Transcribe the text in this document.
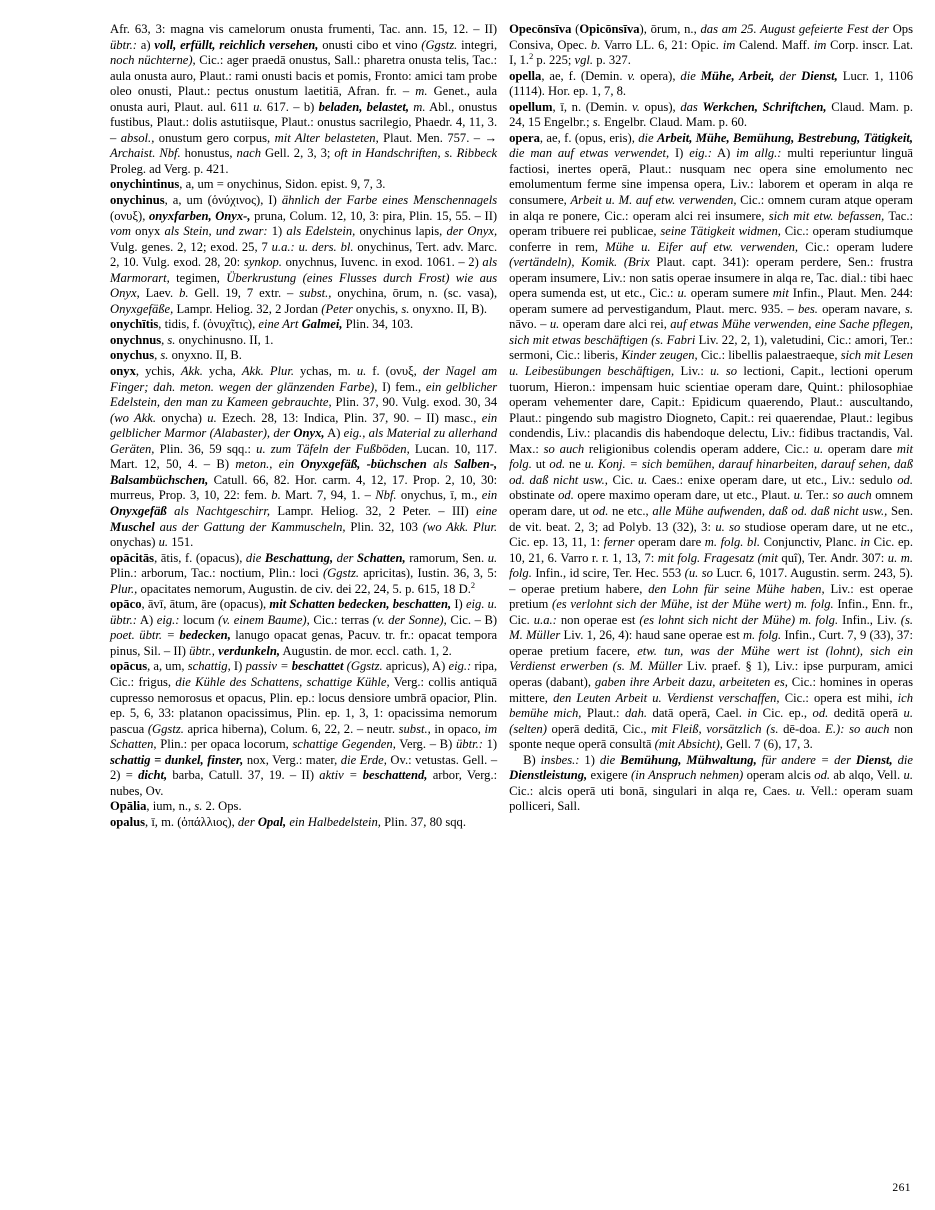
Afr. 63, 3: magna vis camelorum onusta frumenti, Tac. ann. 15, 12. – II) übtr.: a) voll, erfüllt, reichlich versehen, onusti cibo et vino (Ggstz. integri, noch nüchterne), Cic.: ager praedā onustus, Sall.: pharetra onusta telis, Tac.: aula onusta auro, Plaut.: rami onusti bacis et pomis, Fronto: amici tam probe oleo onusti, Plaut.: pectus onustum laetitiā, Afran. fr. – m. Genet., aula onusta auri, Plaut. aul. 611 u. 617. – b) beladen, belastet, m. Abl., onustus fustibus, Plaut.: dolis astutiisque, Plaut.: onustus sacrilegio, Phaedr. 4, 11, 3. – absol., onustum gero corpus, mit Alter belasteten, Plaut. Men. 757. – → Archaist. Nbf. honustus, nach Gell. 2, 3, 3; oft in Handschriften, s. Ribbeck Proleg. ad Verg. p. 421.

onychintinus, a, um = onychinus, Sidon. epist. 9, 7, 3.

onychinus, a, um (ὁνύχινος), I) ähnlich der Farbe eines Menschennagels (ονυξ), onyxfarben, Onyx-, pruna, Colum. 12, 10, 3: pira, Plin. 15, 55. – II) vom onyx als Stein, und zwar: 1) als Edelstein, onychinus lapis, der Onyx, Vulg. genes. 2, 12; exod. 25, 7 u.a.: u. ders. bl. onychinus, Tert. adv. Marc. 2, 10. Vulg. exod. 28, 20: synkop. onychnus, Iuvenc. in exod. 1061. – 2) als Marmorart, tegimen, Überkrustung (eines Flusses durch Frost) wie aus Onyx, Laev. b. Gell. 19, 7 extr. – subst., onychina, ōrum, n. (sc. vasa), Onyxgefäße, Lampr. Heliog. 32, 2 Jordan (Peter onychis, s. onyxno. II, B).

onychītis, tidis, f. (ὁνυχῖτις), eine Art Galmei, Plin. 34, 103.

onychnus, s. onychinusno. II, 1.

onychus, s. onyxno. II, B.

onyx, ychis, Akk. ycha, Akk. Plur. ychas, m. u. f. (ονυξ, der Nagel am Finger; dah. meton. wegen der glänzenden Farbe), I) fem., ein gelblicher Edelstein, den man zu Kameen gebrauchte, Plin. 37, 90. Vulg. exod. 30, 34 (wo Akk. onycha) u. Ezech. 28, 13: Indica, Plin. 37, 90. – II) masc., ein gelblicher Marmor (Alabaster), der Onyx, A) eig., als Material zu allerhand Geräten, Plin. 36, 59 sqq.: u. zum Täfeln der Fußböden, Lucan. 10, 117. Mart. 12, 50, 4. – B) meton., ein Onyxgefäß, -büchschen als Salben-, Balsambüchschen, Catull. 66, 82. Hor. carm. 4, 12, 17. Prop. 2, 10, 30: murreus, Prop. 3, 10, 22: fem. b. Mart. 7, 94, 1. – Nbf. onychus, ī, m., ein Onyxgefäß als Nachtgeschirr, Lampr. Heliog. 32, 2 Peter. – III) eine Muschel aus der Gattung der Kammuscheln, Plin. 32, 103 (wo Akk. Plur. onychas) u. 151.

opācitās, ātis, f. (opacus), die Beschattung, der Schatten, ramorum, Sen. u. Plin.: arborum, Tac.: noctium, Plin.: loci (Ggstz. apricitas), Iustin. 36, 3, 5: Plur., opacitates nemorum, Augustin. de civ. dei 22, 24, 5. p. 615, 18 D.$^2$

opāco, āvī, ātum, āre (opacus), mit Schatten bedecken, beschatten, I) eig. u. übtr.: A) eig.: locum (v. einem Baume), Cic.: terras (v. der Sonne), Cic. – B) poet. übtr. = bedecken, lanugo opacat genas, Pacuv. tr. fr.: opacat tempora pinus, Sil. – II) übtr., verdunkeln, Augustin. de mor. eccl. cath. 1, 2.

opācus, a, um, schattig, I) passiv = beschattet (Ggstz. apricus), A) eig.: ripa, Cic.: frigus, die Kühle des Schattens, schattige Kühle, Verg.: collis antiquā cupresso nemorosus et opacus, Plin. ep.: locus densiore umbrā opacior, Plin. ep. 5, 6, 33: platanon opacissimus, Plin. ep. 1, 3, 1: opacissima nemorum pascua (Ggstz. aprica hiberna), Colum. 6, 22, 2. – neutr. subst., in opaco, im Schatten, Plin.: per opaca locorum, schattige Gegenden, Verg. – B) übtr.: 1) schattig = dunkel, finster, nox, Verg.: mater, die Erde, Ov.: vetustas. Gell. – 2) = dicht, barba, Catull. 37, 19. – II) aktiv = beschattend, arbor, Verg.: nubes, Ov.

Opālia, ium, n., s. 2. Ops.

opalus, ī, m. (ὁπάλλιος), der Opal, ein Halbedelstein, Plin. 37, 80 sqq.

Opecōnsīva (Opicōnsīva), ōrum, n., das am 25. August gefeierte Fest der Ops Consiva, Opec. b. Varro LL. 6, 21: Opic. im Calend. Maff. im Corp. inscr. Lat. I, 1.$^2$ p. 225; vgl. p. 327.

opella, ae, f. (Demin. v. opera), die Mühe, Arbeit, der Dienst, Lucr. 1, 1106 (1114). Hor. ep. 1, 7, 8.

opellum, ī, n. (Demin. v. opus), das Werkchen, Schriftchen, Claud. Mam. p. 24, 15 Engelbr.; s. Engelbr. Claud. Mam. p. 60.

opera, ae, f. (opus, eris), die Arbeit, Mühe, Bemühung, Bestrebung, Tätigkeit, die man auf etwas verwendet, I) eig.: A) im allg.: multi reperiuntur linguā factiosi, inertes operā, Plaut.: nusquam nec opera sine emolumento nec emolumentum ferme sine impensa opera, Liv.: laborem et operam in alqa re consumere, Arbeit u. M. auf etw. verwenden, Cic.: omnem curam atque operam in alqa re ponere, Cic.: operam alci rei insumere, sich mit etw. befassen, Tac.: operam tribuere rei publicae, seine Tätigkeit widmen, Cic.: operam studiumque conferre in rem, Mühe u. Eifer auf etw. verwenden, Cic.: operam ludere (vertändeln), Komik. (Brix Plaut. capt. 341): operam perdere, Sen.: frustra operam insumere, Liv.: non satis operae insumere in alqa re, Tac. dial.: tibi haec opera sumenda est, ut etc., Cic.: u. operam sumere mit Infin., Plaut. Men. 244: operam sumere ad pervestigandum, Plaut. merc. 935. – bes. operam navare, s. nāvo. – u. operam dare alci rei, auf etwas Mühe verwenden, eine Sache pflegen, sich mit etwas beschäftigen (s. Fabri Liv. 22, 2, 1), valetudini, Cic.: amori, Ter.: sermoni, Cic.: liberis, Kinder zeugen, Cic.: libellis palaestraeque, sich mit Lesen u. Leibesübungen beschäftigen, Liv.: u. so lectioni, Capit., lectioni operum tuorum, Hieron.: impensam huic scientiae operam dare, Quint.: philosophiae operam vehementer dare, Capit.: Epidicum quaerendo, Plaut.: auscultando, Plaut.: pingendo sub magistro Diogneto, Capit.: rei quaerendae, Plaut.: legibus condendis, Liv.: placandis dis habendoque delectu, Liv.: fidibus tractandis, Val. Max.: so auch religionibus colendis operam addere, Cic.: u. operam dare mit folg. ut od. ne u. Konj. = sich bemühen, darauf hinarbeiten, darauf sehen, daß od. daß nicht usw., Cic. u. Caes.: enixe operam dare, ut etc., Liv.: sedulo od. obstinate od. opere maximo operam dare, ut etc., Plaut. u. Ter.: so auch omnem operam dare, ut od. ne etc., alle Mühe aufwenden, daß od. daß nicht usw., Sen. de vit. beat. 2, 3; ad Polyb. 13 (32), 3: u. so studiose operam dare, ut ne etc., Cic. ep. 13, 11, 1: ferner operam dare m. folg. bl. Conjunctiv, Planc. in Cic. ep. 10, 21, 6. Varro r. r. 1, 13, 7: mit folg. Fragesatz (mit quî), Ter. Andr. 307: u. m. folg. Infin., id scire, Ter. Hec. 553 (u. so Lucr. 6, 1017. Augustin. serm. 243, 5). – operae pretium habere, den Lohn für seine Mühe haben, Liv.: est operae pretium (es verlohnt sich der Mühe, ist der Mühe wert) m. folg. Infin., Enn. fr., Cic. u.a.: non operae est (es lohnt sich nicht der Mühe) m. folg. Infin., Liv. (s. M. Müller Liv. 1, 26, 4): haud sane operae est m. folg. Infin., Curt. 7, 9 (33), 37: operae pretium facere, etw. tun, was der Mühe wert ist (lohnt), sich ein Verdienst erwerben (s. M. Müller Liv. praef. § 1), Liv.: ipse purpuram, amici operas (dabant), gaben ihre Arbeit dazu, arbeiteten es, Cic.: homines in operas mittere, den Leuten Arbeit u. Verdienst verschaffen, Cic.: opera est mihi, ich bemühe mich, Plaut.: dah. datā operā, Cael. in Cic. ep., od. deditā operā u. (selten) operā deditā, Cic., mit Fleiß, vorsätzlich (s. dē-doa. E.): so auch non sponte neque operā consultā (mit Absicht), Gell. 7 (6), 17, 3.

B) insbes.: 1) die Bemühung, Mühwaltung, für andere = der Dienst, die Dienstleistung, exigere (in Anspruch nehmen) operam alcis od. ab alqo, Vell. u. Cic.: alcis operā uti bonā, singulari in alqa re, Caes. u. Vell.: operam suam polliceri, Sall.

261
